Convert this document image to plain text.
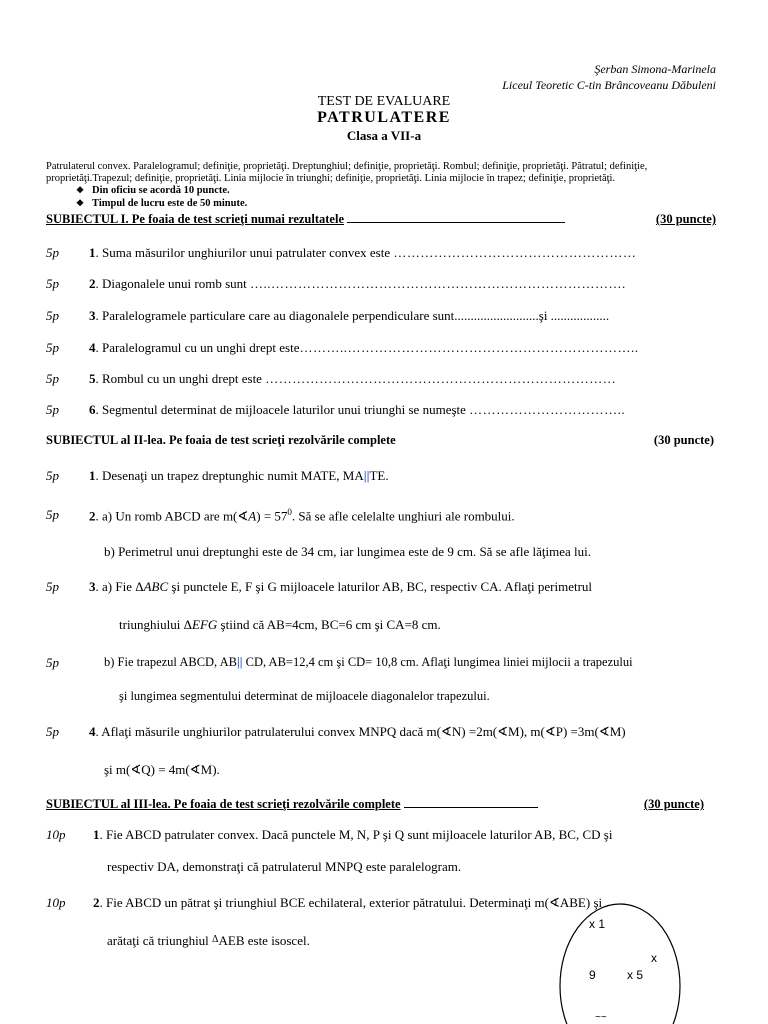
Şerban Simona-Marinela
Liceul Teoretic C-tin Brâncoveanu Dăbuleni
TEST DE EVALUARE
PATRULATERE
Clasa a VII-a
Patrulaterul convex. Paralelogramul; definiţie, proprietăţi. Dreptunghiul; definiţie, proprietăţi. Rombul; definiţie, proprietăţi. Pătratul; definiţie, proprietăţi.Trapezul; definiţie, proprietăţi. Linia mijlocie în triunghi; definiţie, proprietăţi. Linia mijlocie în trapez; definiţie, proprietăţi.
❖ Din oficiu se acordă 10 puncte.
❖ Timpul de lucru este de 50 minute.
SUBIECTUL I. Pe foaia de test scrieţi numai rezultatele	(30 puncte)
5p 1. Suma măsurilor unghiurilor unui patrulater convex este ………………………………………………
5p 2. Diagonalele unui romb sunt …..…………………………………………………………………….
5p 3. Paralelogramele particulare care au diagonalele perpendiculare sunt..........................şi ..................
5p 4. Paralelogramul cu un unghi drept este………..………………………………………………………..
5p 5. Rombul cu un unghi drept este ……………………………………………………………………
5p 6. Segmentul determinat de mijloacele laturilor unui triunghi se numeşte ……………………………..
SUBIECTUL al II-lea. Pe foaia de test scrieţi rezolvările complete	(30 puncte)
5p 1. Desenaţi un trapez dreptunghic numit MATE, MA||TE.
5p 2. a) Un romb ABCD are m(∢A) = $57^0$. Să se afle celelalte unghiuri ale rombului.
b) Perimetrul unui dreptunghi este de 34 cm, iar lungimea este de 9 cm. Să se afle lăţimea lui.
5p 3. a) Fie ΔABC şi punctele E, F şi G mijloacele laturilor AB, BC, respectiv CA. Aflaţi perimetrul
triunghiului ΔEFG ştiind că AB=4cm, BC=6 cm şi CA=8 cm.
5p	b) Fie trapezul ABCD, AB|| CD, AB=12,4 cm şi CD= 10,8 cm. Aflaţi lungimea liniei mijlocii a trapezului
şi lungimea segmentului determinat de mijloacele diagonalelor trapezului.
5p 4. Aflaţi măsurile unghiurilor patrulaterului convex MNPQ dacă m(∢N) =2m(∢M), m(∢P) =3m(∢M)
şi m(∢Q) = 4m(∢M).
SUBIECTUL al III-lea. Pe foaia de test scrieţi rezolvările complete	(30 puncte)
10p 1. Fie ABCD patrulater convex. Dacă punctele M, N, P şi Q sunt mijloacele laturilor AB, BC, CD şi
respectiv DA, demonstraţi că patrulaterul MNPQ este paralelogram.
10p 2. Fie ABCD un pătrat şi triunghiul BCE echilateral, exterior pătratului. Determinaţi m(∢ABE) şi
arătaţi că triunghiul $^\Delta$AEB este isoscel.
x 1
x
9	x 5
~~
